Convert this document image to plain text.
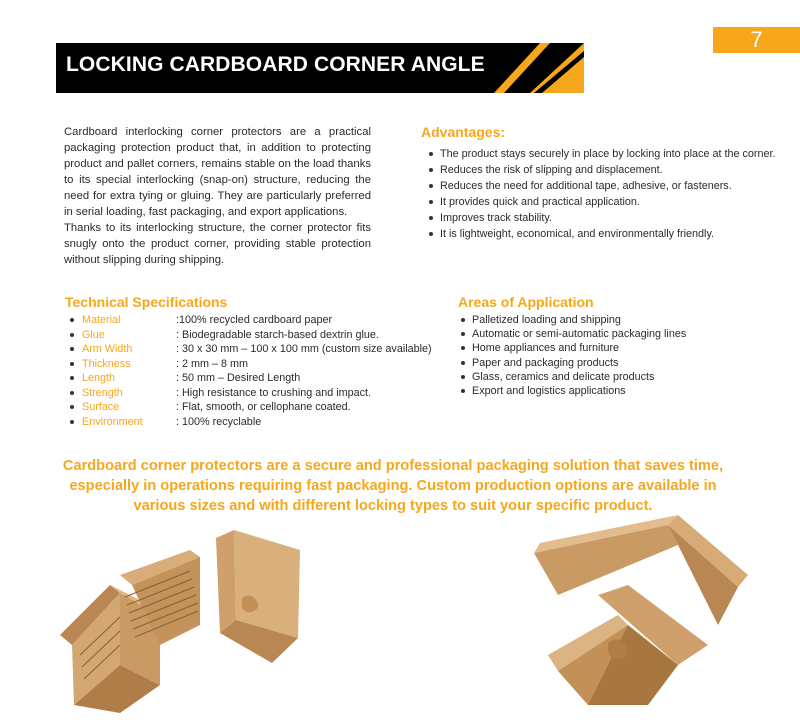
7
LOCKING CARDBOARD CORNER ANGLE

Cardboard interlocking corner protectors are a practical packaging protection product that, in addition to protecting product and pallet corners, remains stable on the load thanks to its special interlocking (snap-on) structure, reducing the need for extra tying or gluing. They are particularly preferred in serial loading, fast packaging, and export applications.

Thanks to its interlocking structure, the corner protector fits snugly onto the product corner, providing stable protection without slipping during shipping.

Advantages:
The product stays securely in place by locking into place at the corner.
Reduces the risk of slipping and displacement.
Reduces the need for additional tape, adhesive, or fasteners.
It provides quick and practical application.
Improves track stability.
It is lightweight, economical, and environmentally friendly.
Technical Specifications
Material	:100% recycled cardboard paper
Glue	: Biodegradable starch-based dextrin glue.
Arm Width	: 30 x 30 mm – 100 x 100 mm (custom size available)
Thickness	: 2 mm – 8 mm
Length	: 50 mm – Desired Length
Strength	: High resistance to crushing and impact.
Surface	: Flat, smooth, or cellophane coated.
Environment	: 100% recyclable
Areas of Application
Palletized loading and shipping
Automatic or semi-automatic packaging lines
Home appliances and furniture
Paper and packaging products
Glass, ceramics and delicate products
Export and logistics applications
Cardboard corner protectors are a secure and professional packaging solution that saves time, especially in operations requiring fast packaging. Custom production options are available in various sizes and with different locking types to suit your specific product.
